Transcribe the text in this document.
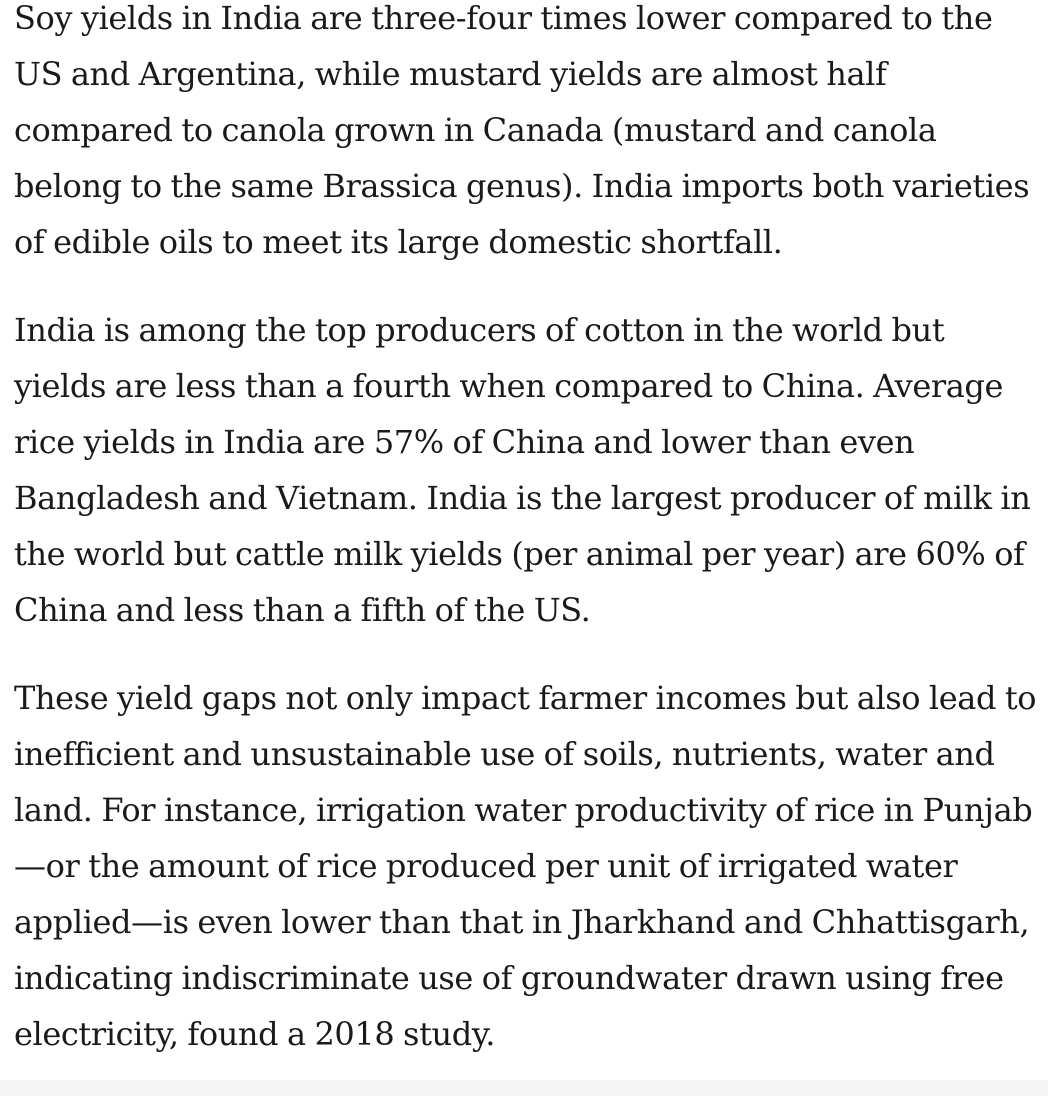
Soy yields in India are three-four times lower compared to the US and Argentina, while mustard yields are almost half compared to canola grown in Canada (mustard and canola belong to the same Brassica genus). India imports both varieties of edible oils to meet its large domestic shortfall.

India is among the top producers of cotton in the world but yields are less than a fourth when compared to China. Average rice yields in India are 57% of China and lower than even Bangladesh and Vietnam. India is the largest producer of milk in the world but cattle milk yields (per animal per year) are 60% of China and less than a fifth of the US.

These yield gaps not only impact farmer incomes but also lead to inefficient and unsustainable use of soils, nutrients, water and land. For instance, irrigation water productivity of rice in Punjab—or the amount of rice produced per unit of irrigated water applied—is even lower than that in Jharkhand and Chhattisgarh, indicating indiscriminate use of groundwater drawn using free electricity, found a 2018 study.
